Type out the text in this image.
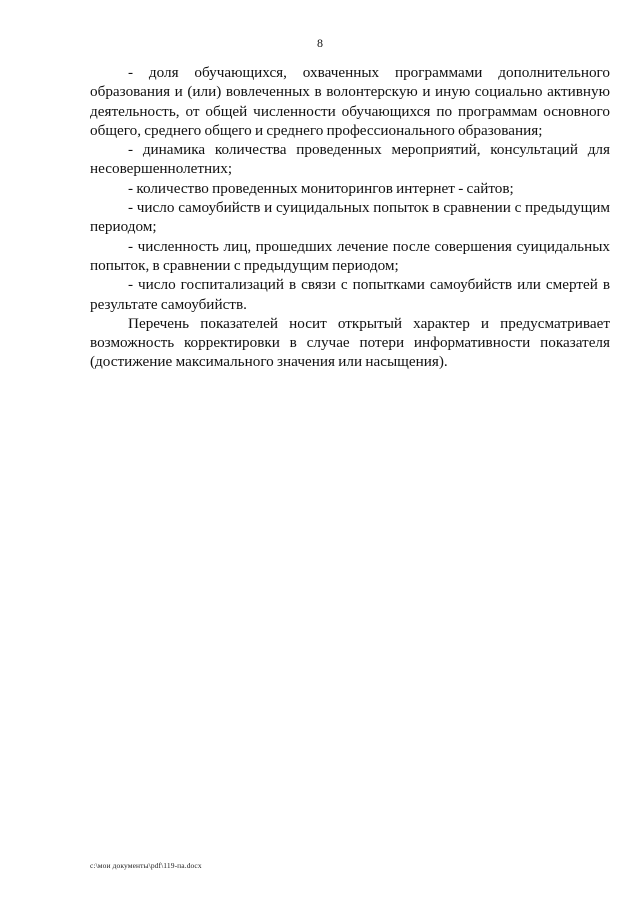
8

- доля обучающихся, охваченных программами дополнительного образования и (или) вовлеченных в волонтерскую и иную социально активную деятельность, от общей численности обучающихся по программам основного общего, среднего общего и среднего профессионального образования;

- динамика количества проведенных мероприятий, консультаций для несовершеннолетних;

- количество проведенных мониторингов интернет - сайтов;

- число самоубийств и суицидальных попыток в сравнении с предыдущим периодом;

- численность лиц, прошедших лечение после совершения суицидальных попыток, в сравнении с предыдущим периодом;

- число госпитализаций в связи с попытками самоубийств или смертей в результате самоубийств.

Перечень показателей носит открытый характер и предусматривает возможность корректировки в случае потери информативности показателя (достижение максимального значения или насыщения).

c:\мои документы\pdf\119-па.docx
